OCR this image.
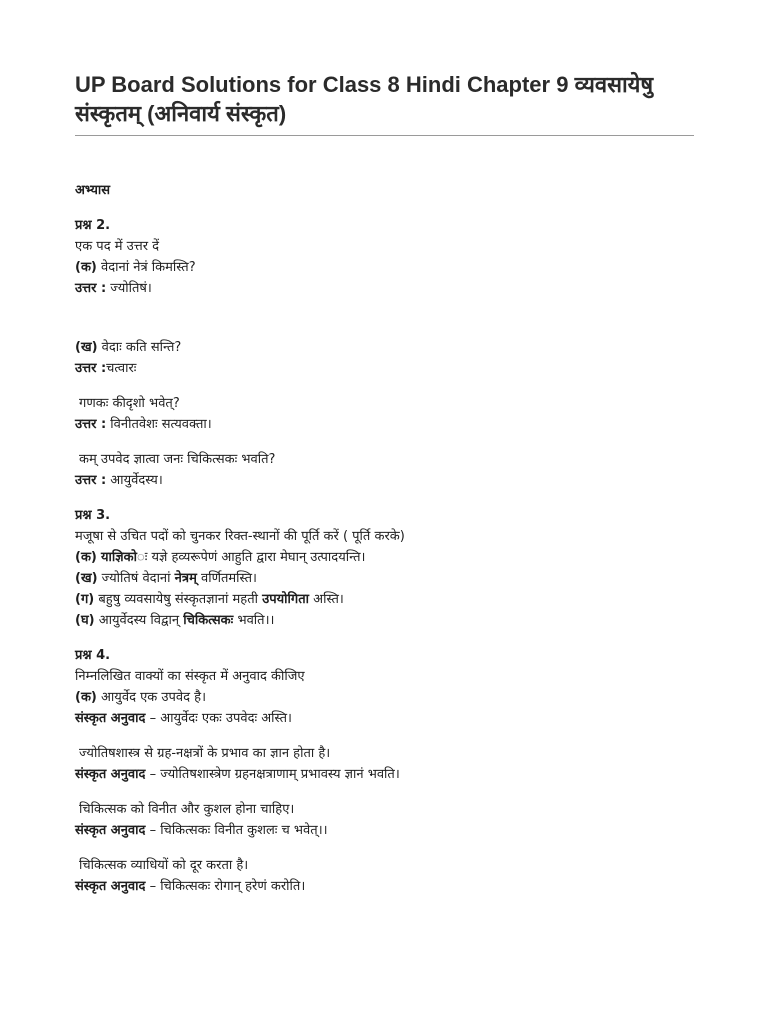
UP Board Solutions for Class 8 Hindi Chapter 9 व्यवसायेषु
संस्कृतम् (अनिवार्य संस्कृत)
अभ्यास
प्रश्न 2.
एक पद में उत्तर दें
(क) वेदानां नेत्रं किमस्ति?
उत्तर : ज्योतिषं।
(ख) वेदाः कति सन्ति?
उत्तर :चत्वारः
गणकः कीदृशो भवेत्?
उत्तर : विनीतवेशः सत्यवक्ता।
कम् उपवेद ज्ञात्वा जनः चिकित्सकः भवति?
उत्तर : आयुर्वेदस्य।
प्रश्न 3.
मजूषा से उचित पदों को चुनकर रिक्त-स्थानों की पूर्ति करें ( पूर्ति करके)
(क) याज्ञिकोः यज्ञे हव्यरूपेणं आहुति द्वारा मेघान् उत्पादयन्ति।
(ख) ज्योतिषं वेदानां नेत्रम् वर्णितमस्ति।
(ग) बहुषु व्यवसायेषु संस्कृतज्ञानां महती उपयोगिता अस्ति।
(घ) आयुर्वेदस्य विद्वान् चिकित्सकः भवति।।
प्रश्न 4.
निम्नलिखित वाक्यों का संस्कृत में अनुवाद कीजिए
(क) आयुर्वेद एक उपवेद है।
संस्कृत अनुवाद – आयुर्वेदः एकः उपवेदः अस्ति।
ज्योतिषशास्त्र से ग्रह-नक्षत्रों के प्रभाव का ज्ञान होता है।
संस्कृत अनुवाद – ज्योतिषशास्त्रेण ग्रहनक्षत्राणाम् प्रभावस्य ज्ञानं भवति।
चिकित्सक को विनीत और कुशल होना चाहिए।
संस्कृत अनुवाद – चिकित्सकः विनीत कुशलः च भवेत्।।
चिकित्सक व्याधियों को दूर करता है।
संस्कृत अनुवाद – चिकित्सकः रोगान् हरेणं करोति।
